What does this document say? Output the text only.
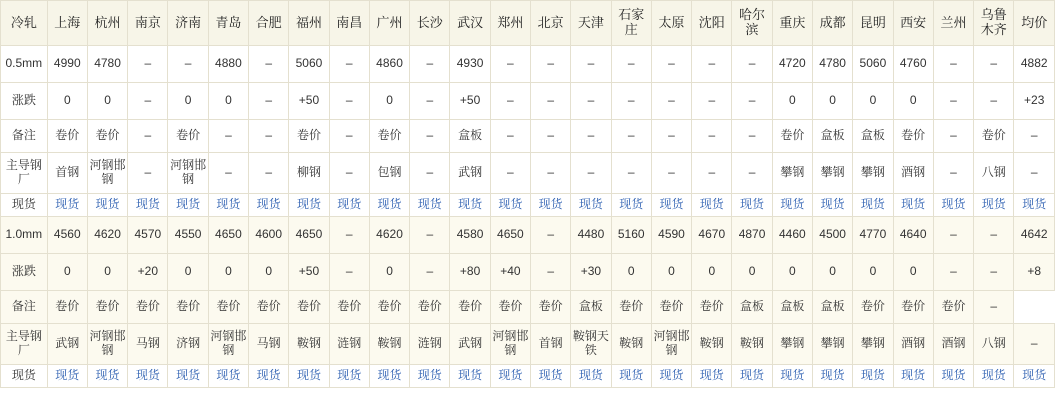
冷轧	上海	杭州	南京	济南	青岛	合肥	福州	南昌	广州	长沙	武汉	郑州	北京	天津	石家庄	太原	沈阳	哈尔滨	重庆	成都	昆明	西安	兰州	乌鲁木齐	均价
0.5mm	4990	4780	–	–	4880	–	5060	–	4860	–	4930	–	–	–	–	–	–	–	4720	4780	5060	4760	–	–	4882
涨跌	0	0	–	0	0	–	+50	–	0	–	+50	–	–	–	–	–	–	–	0	0	0	0	–	–	+23
备注	卷价	卷价	–	卷价	–	–	卷价	–	卷价	–	盒板	–	–	–	–	–	–	–	卷价	盒板	盒板	卷价	–	卷价	–
主导钢厂	首钢	河钢邯钢	–	河钢邯钢	–	–	柳钢	–	包钢	–	武钢	–	–	–	–	–	–	–	攀钢	攀钢	攀钢	酒钢	–	八钢	–
现货	现货	现货	现货	现货	现货	现货	现货	现货	现货	现货	现货	现货	现货	现货	现货	现货	现货	现货	现货	现货	现货	现货	现货	现货	现货
1.0mm	4560	4620	4570	4550	4650	4600	4650	–	4620	–	4580	4650	–	4480	5160	4590	4670	4870	4460	4500	4770	4640	–	–	4642
涨跌	0	0	+20	0	0	0	+50	–	0	–	+80	+40	–	+30	0	0	0	0	0	0	0	0	–	–	+8
备注	卷价	卷价	卷价	卷价	卷价	卷价	卷价	卷价	卷价	卷价	卷价	卷价	卷价	盒板	卷价	卷价	卷价	盒板	盒板	盒板	卷价	卷价	卷价	–	
主导钢厂	武钢	河钢邯钢	马钢	济钢	河钢邯钢	马钢	鞍钢	涟钢	鞍钢	涟钢	武钢	河钢邯钢	首钢	鞍钢天铁	鞍钢	河钢邯钢	鞍钢	鞍钢	攀钢	攀钢	攀钢	酒钢	酒钢	八钢	–
现货	现货	现货	现货	现货	现货	现货	现货	现货	现货	现货	现货	现货	现货	现货	现货	现货	现货	现货	现货	现货	现货	现货	现货	现货	现货
